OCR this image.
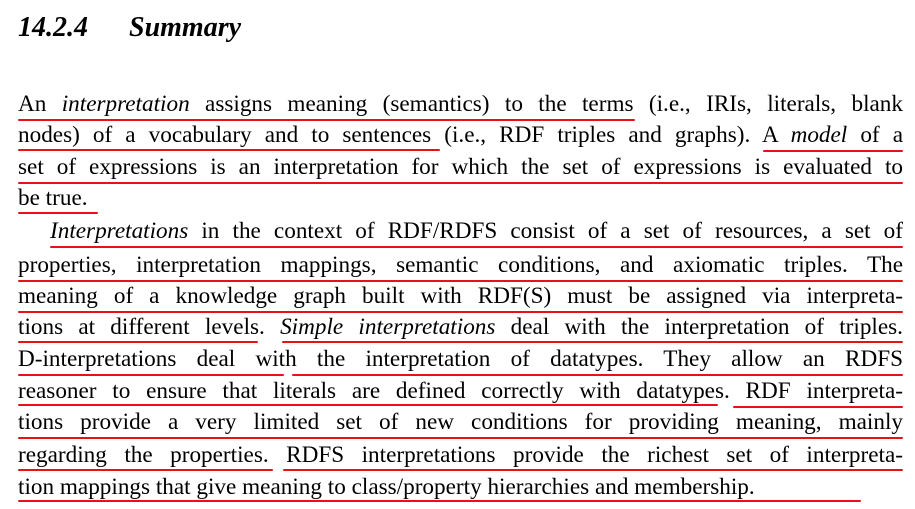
14.2.4 Summary
An interpretation assigns meaning (semantics) to the terms (i.e., IRIs, literals, blank
nodes) of a vocabulary and to sentences (i.e., RDF triples and graphs). A model of a
set of expressions is an interpretation for which the set of expressions is evaluated to
be true.
Interpretations in the context of RDF/RDFS consist of a set of resources, a set of
properties, interpretation mappings, semantic conditions, and axiomatic triples. The
meaning of a knowledge graph built with RDF(S) must be assigned via interpreta-
tions at different levels. Simple interpretations deal with the interpretation of triples.
D-interpretations deal with the interpretation of datatypes. They allow an RDFS
reasoner to ensure that literals are defined correctly with datatypes. RDF interpreta-
tions provide a very limited set of new conditions for providing meaning, mainly
regarding the properties. RDFS interpretations provide the richest set of interpreta-
tion mappings that give meaning to class/property hierarchies and membership.
